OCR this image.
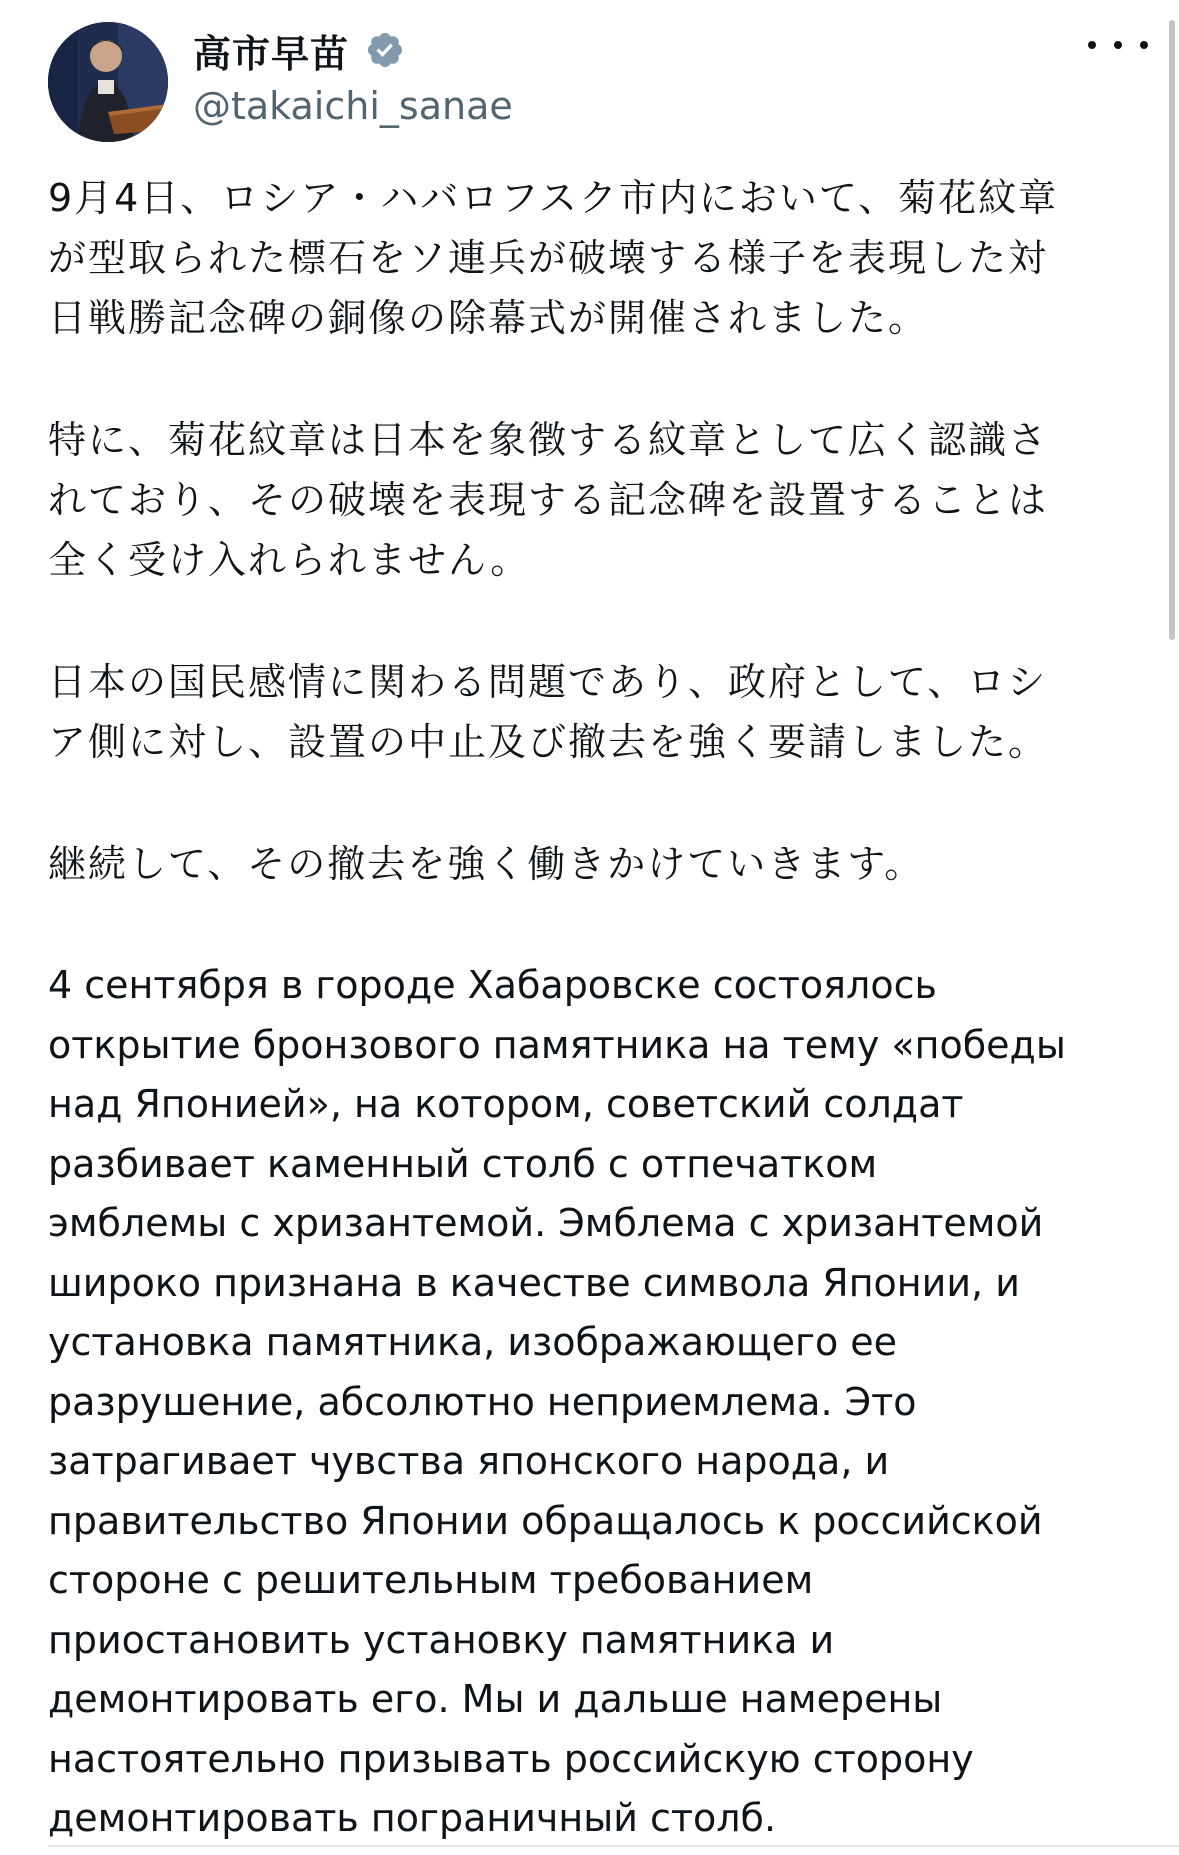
高市早苗
@takaichi_sanae

9月4日、ロシア・ハバロフスク市内において、菊花紋章
が型取られた標石をソ連兵が破壊する様子を表現した対
日戦勝記念碑の銅像の除幕式が開催されました。

特に、菊花紋章は日本を象徴する紋章として広く認識さ
れており、その破壊を表現する記念碑を設置することは
全く受け入れられません。

日本の国民感情に関わる問題であり、政府として、ロシ
ア側に対し、設置の中止及び撤去を強く要請しました。

継続して、その撤去を強く働きかけていきます。

4 сентября в городе Хабаровске состоялось
открытие бронзового памятника на тему «победы
над Японией», на котором, советский солдат
разбивает каменный столб с отпечатком
эмблемы с хризантемой. Эмблема с хризантемой
широко признана в качестве символа Японии, и
установка памятника, изображающего ее
разрушение, абсолютно неприемлема. Это
затрагивает чувства японского народа, и
правительство Японии обращалось к российской
стороне с решительным требованием
приостановить установку памятника и
демонтировать его. Мы и дальше намерены
настоятельно призывать российскую сторону
демонтировать пограничный столб.
